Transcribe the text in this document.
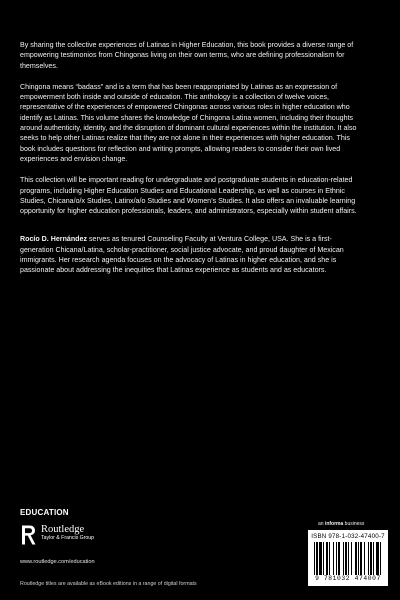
By sharing the collective experiences of Latinas in Higher Education, this book provides a diverse range of empowering testimonios from Chingonas living on their own terms, who are defining professionalism for themselves.

Chingona means “badass” and is a term that has been reappropriated by Latinas as an expression of empowerment both inside and outside of education. This anthology is a collection of twelve voices, representative of the experiences of empowered Chingonas across various roles in higher education who identify as Latinas. This volume shares the knowledge of Chingona Latina women, including their thoughts around authenticity, identity, and the disruption of dominant cultural experiences within the institution. It also seeks to help other Latinas realize that they are not alone in their experiences with higher education. This book includes questions for reflection and writing prompts, allowing readers to consider their own lived experiences and envision change.

This collection will be important reading for undergraduate and postgraduate students in education-related programs, including Higher Education Studies and Educational Leadership, as well as courses in Ethnic Studies, Chicana/o/x Studies, Latinx/a/o Studies and Women’s Studies. It also offers an invaluable learning opportunity for higher education professionals, leaders, and administrators, especially within student affairs.

Rocío D. Hernández serves as tenured Counseling Faculty at Ventura College, USA. She is a first-generation Chicana/Latina, scholar-practitioner, social justice advocate, and proud daughter of Mexican immigrants. Her research agenda focuses on the advocacy of Latinas in higher education, and she is passionate about addressing the inequities that Latinas experience as students and as educators.

EDUCATION
Routledge
Taylor & Francis Group
www.routledge.com/education
Routledge titles are available as eBook editions in a range of digital formats
an informa business
ISBN 978-1-032-47400-7
9 781032 474007
